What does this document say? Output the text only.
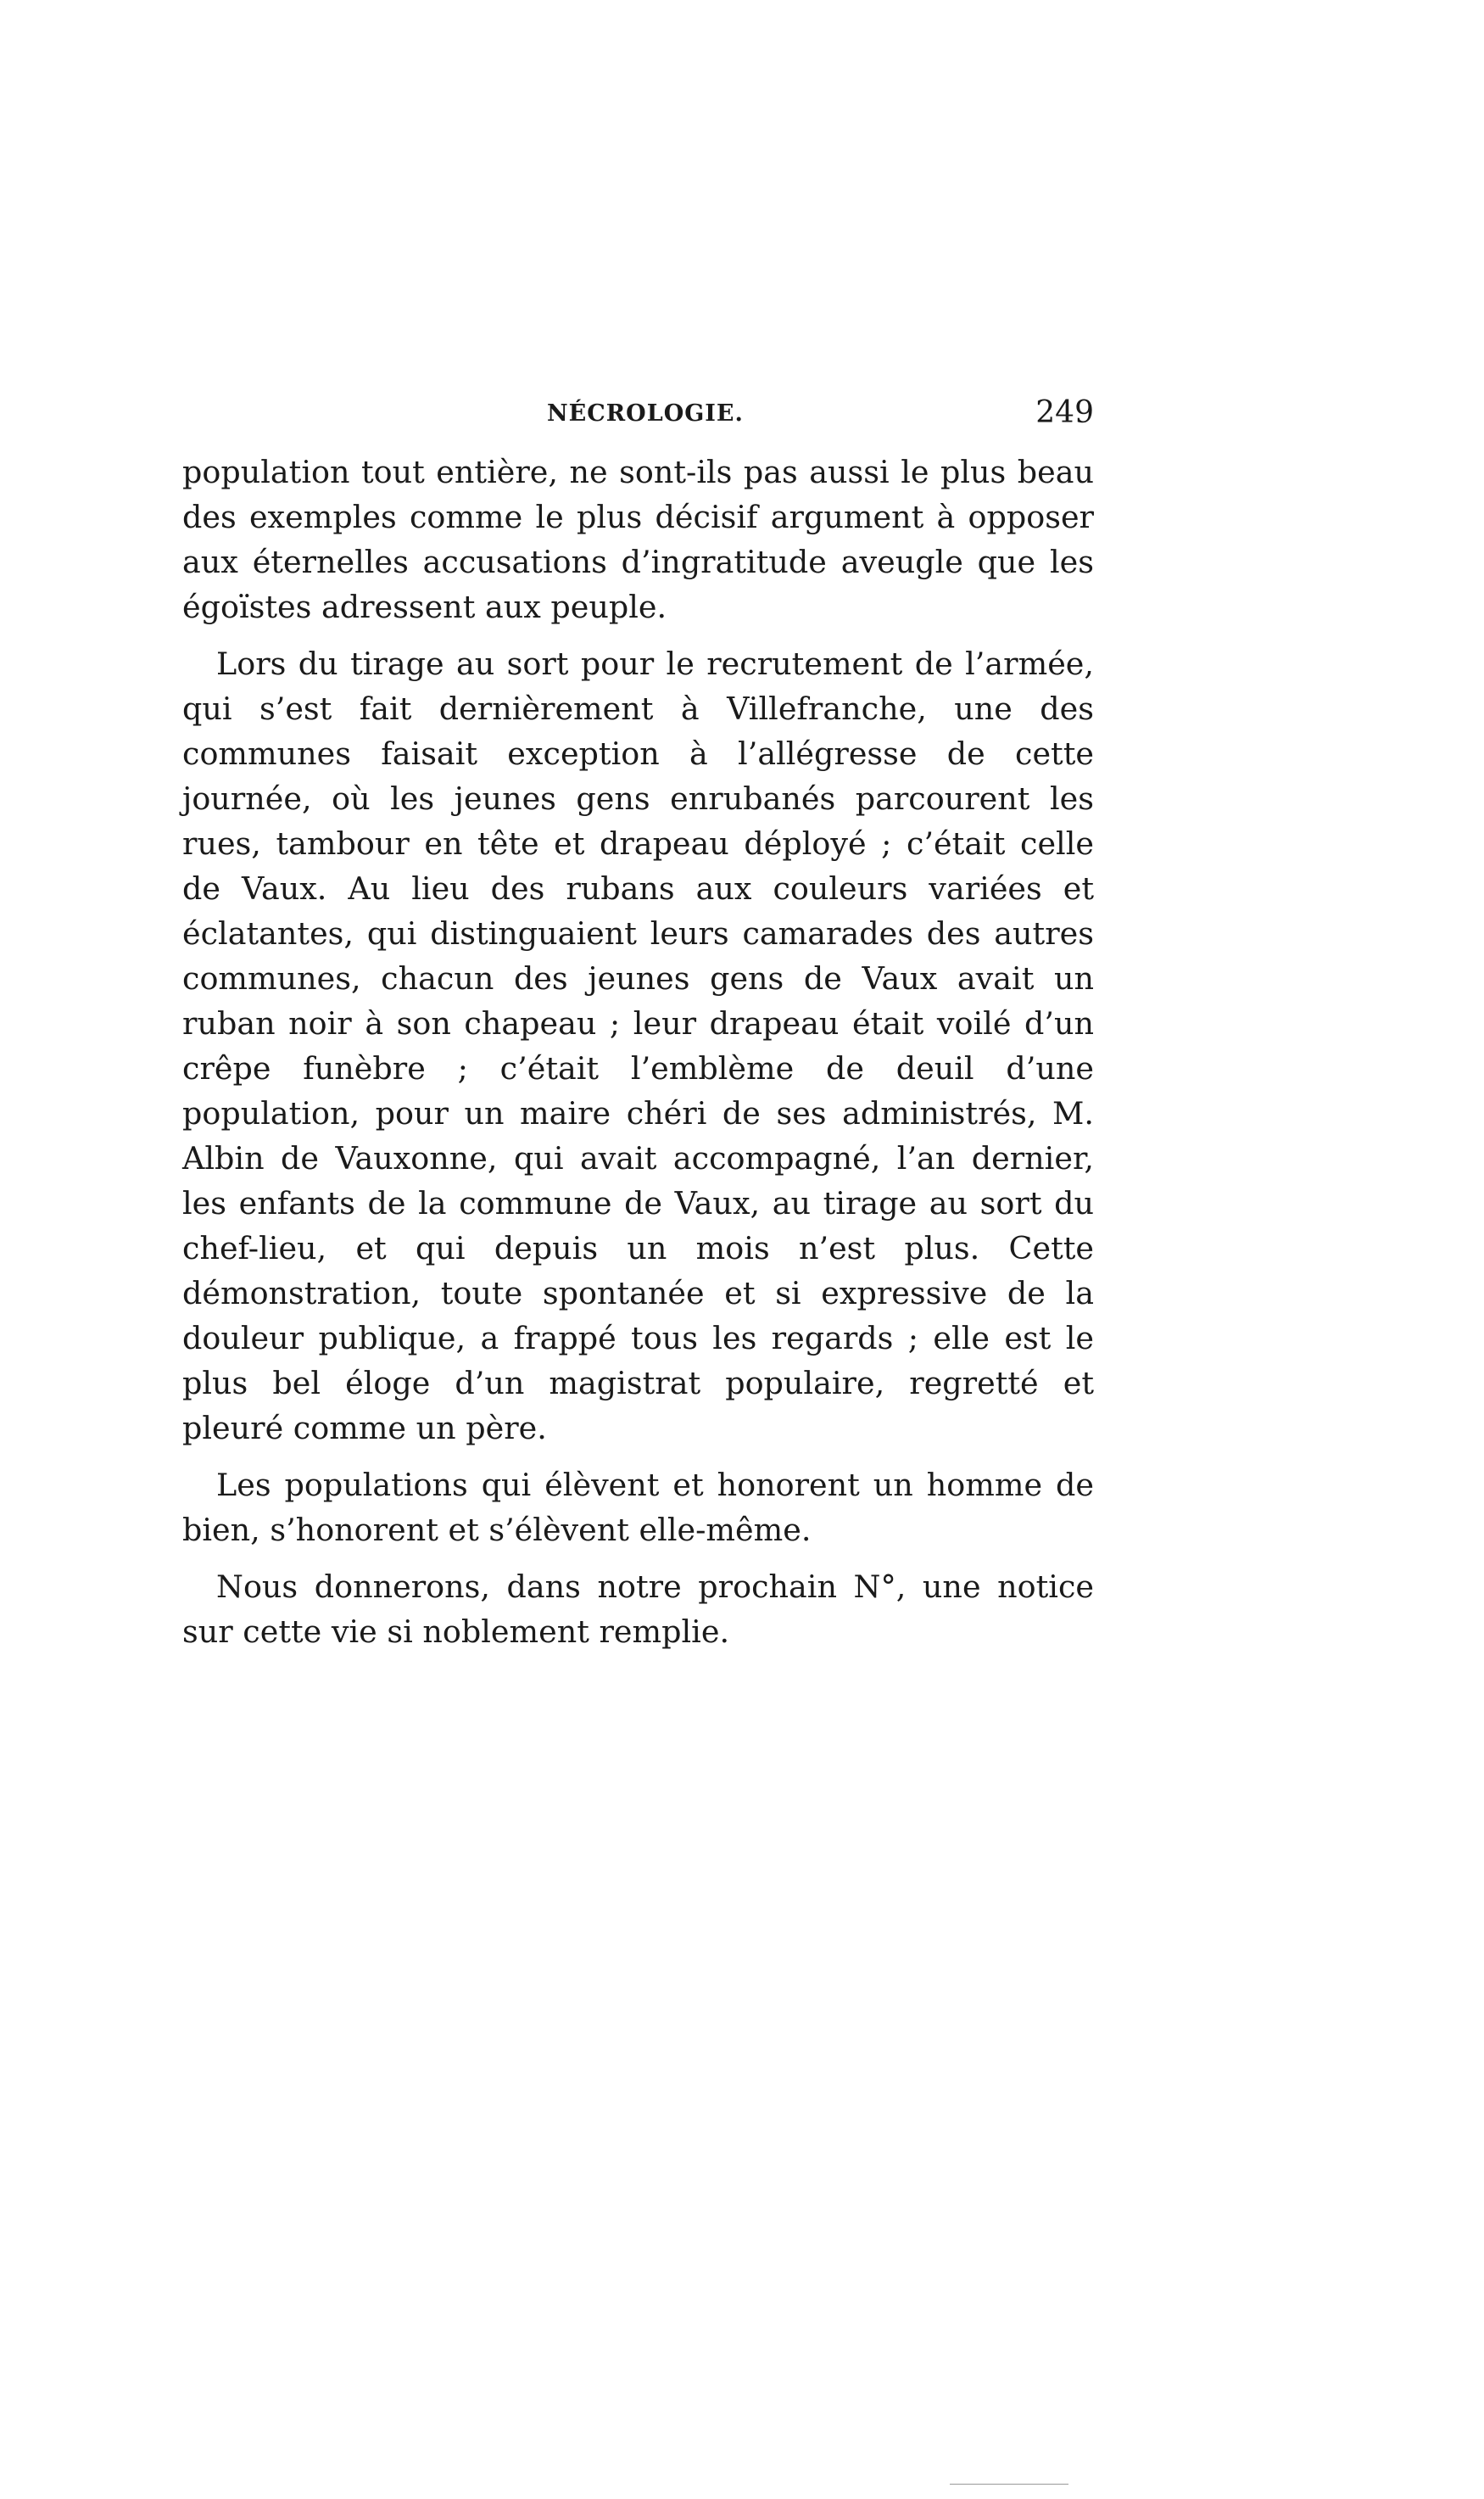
NÉCROLOGIE.	249

population tout entière, ne sont-ils pas aussi le plus beau des exemples comme le plus décisif argument à opposer aux éternelles accusations d’ingratitude aveugle que les égoïstes adressent aux peuple.

Lors du tirage au sort pour le recrutement de l’armée, qui s’est fait dernièrement à Villefranche, une des communes faisait exception à l’allégresse de cette journée, où les jeunes gens enrubanés parcourent les rues, tambour en tête et drapeau déployé ; c’était celle de Vaux. Au lieu des rubans aux couleurs variées et éclatantes, qui distinguaient leurs camarades des autres communes, chacun des jeunes gens de Vaux avait un ruban noir à son chapeau ; leur drapeau était voilé d’un crêpe funèbre ; c’était l’emblème de deuil d’une population, pour un maire chéri de ses administrés, M. Albin de Vauxonne, qui avait accompagné, l’an dernier, les enfants de la commune de Vaux, au tirage au sort du chef-lieu, et qui depuis un mois n’est plus. Cette démonstration, toute spontanée et si expressive de la douleur publique, a frappé tous les regards ; elle est le plus bel éloge d’un magistrat populaire, regretté et pleuré comme un père.

Les populations qui élèvent et honorent un homme de bien, s’honorent et s’élèvent elle-même.

Nous donnerons, dans notre prochain N°, une notice sur cette vie si noblement remplie.
